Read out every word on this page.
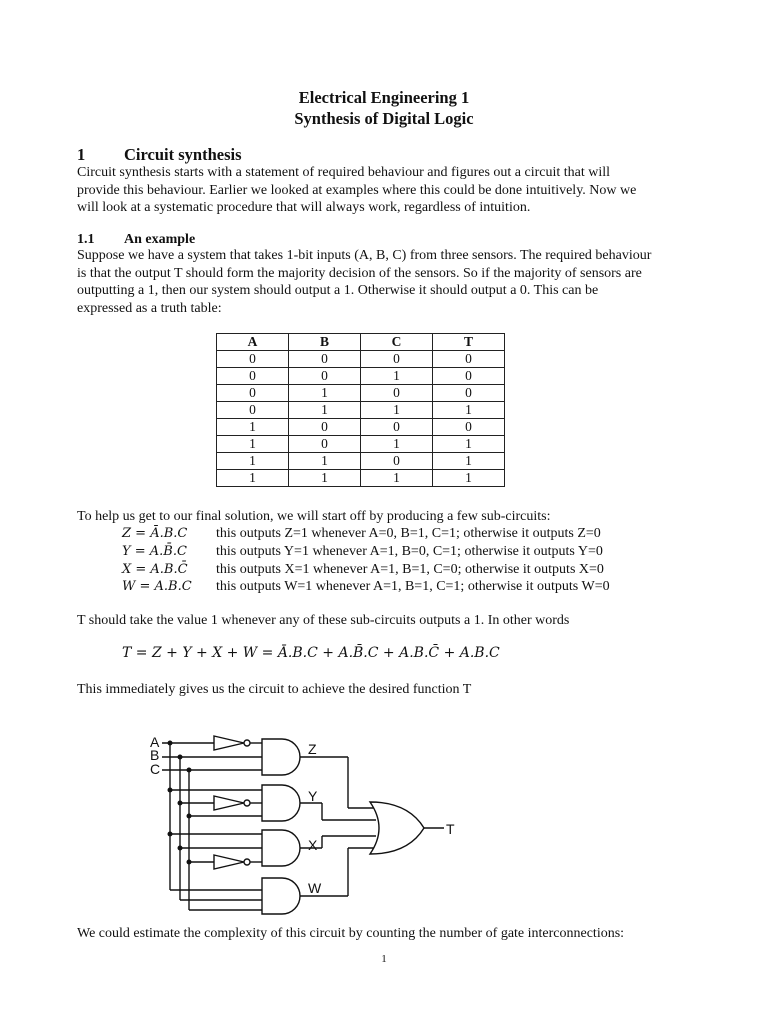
Electrical Engineering 1
Synthesis of Digital Logic
1 Circuit synthesis
Circuit synthesis starts with a statement of required behaviour and figures out a circuit that will
provide this behaviour. Earlier we looked at examples where this could be done intuitively. Now we
will look at a systematic procedure that will always work, regardless of intuition.
1.1 An example
Suppose we have a system that takes 1-bit inputs (A, B, C) from three sensors. The required behaviour
is that the output T should form the majority decision of the sensors. So if the majority of sensors are
outputting a 1, then our system should output a 1. Otherwise it should output a 0. This can be
expressed as a truth table:
A	B	C	T
0	0	0	0
0	0	1	0
0	1	0	0
0	1	1	1
1	0	0	0
1	0	1	1
1	1	0	1
1	1	1	1
To help us get to our final solution, we will start off by producing a few sub-circuits:
Z = Ā.B.C this outputs Z=1 whenever A=0, B=1, C=1; otherwise it outputs Z=0
Y = A.B̄.C this outputs Y=1 whenever A=1, B=0, C=1; otherwise it outputs Y=0
X = A.B.C̄ this outputs X=1 whenever A=1, B=1, C=0; otherwise it outputs X=0
W = A.B.C this outputs W=1 whenever A=1, B=1, C=1; otherwise it outputs W=0
T should take the value 1 whenever any of these sub-circuits outputs a 1. In other words
T = Z + Y + X + W = Ā.B.C + A.B̄.C + A.B.C̄ + A.B.C
This immediately gives us the circuit to achieve the desired function T
A
B
C
Z
Y
X
W
T
We could estimate the complexity of this circuit by counting the number of gate interconnections:
1
